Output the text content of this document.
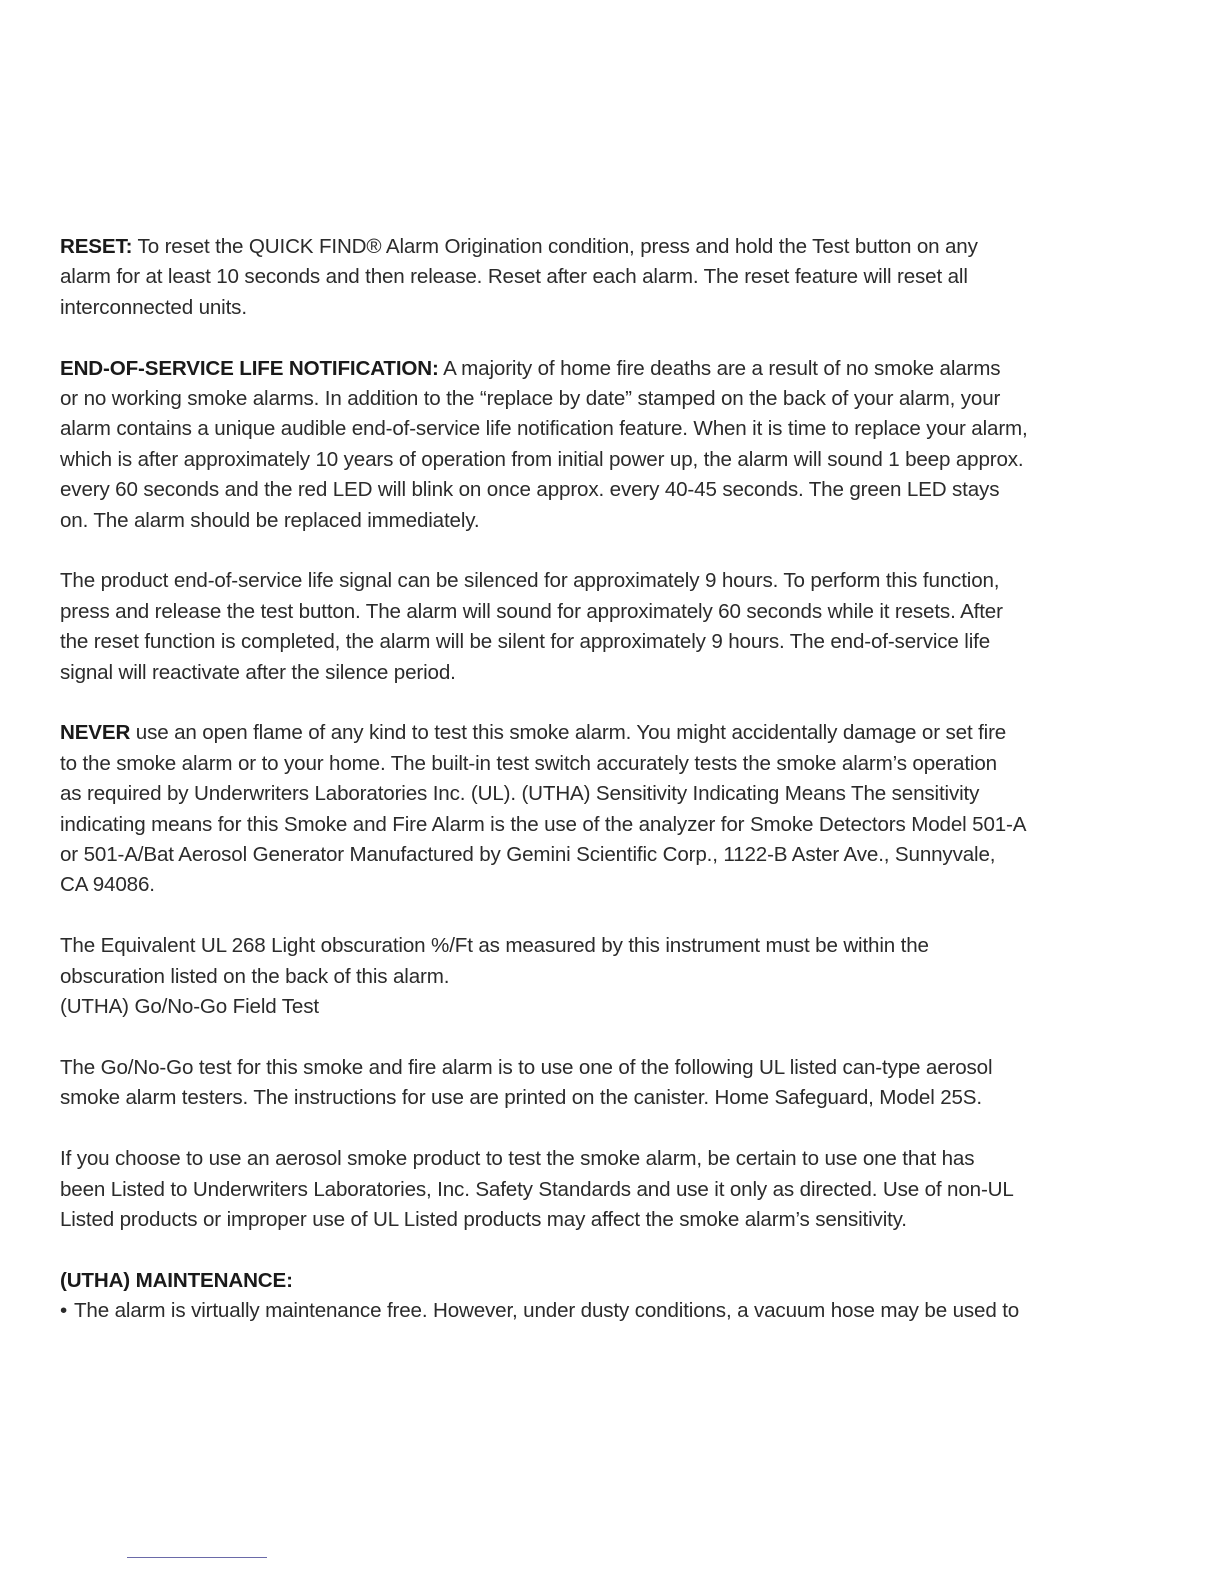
RESET: To reset the QUICK FIND® Alarm Origination condition, press and hold the Test button on any
alarm for at least 10 seconds and then release. Reset after each alarm. The reset feature will reset all
interconnected units.

END-OF-SERVICE LIFE NOTIFICATION: A majority of home fire deaths are a result of no smoke alarms
or no working smoke alarms. In addition to the “replace by date” stamped on the back of your alarm, your
alarm contains a unique audible end-of-service life notification feature. When it is time to replace your alarm,
which is after approximately 10 years of operation from initial power up, the alarm will sound 1 beep approx.
every 60 seconds and the red LED will blink on once approx. every 40-45 seconds. The green LED stays
on. The alarm should be replaced immediately.

The product end-of-service life signal can be silenced for approximately 9 hours. To perform this function,
press and release the test button. The alarm will sound for approximately 60 seconds while it resets. After
the reset function is completed, the alarm will be silent for approximately 9 hours. The end-of-service life
signal will reactivate after the silence period.

NEVER use an open flame of any kind to test this smoke alarm. You might accidentally damage or set fire
to the smoke alarm or to your home. The built-in test switch accurately tests the smoke alarm’s operation
as required by Underwriters Laboratories Inc. (UL). (UTHA) Sensitivity Indicating Means The sensitivity
indicating means for this Smoke and Fire Alarm is the use of the analyzer for Smoke Detectors Model 501-A
or 501-A/Bat Aerosol Generator Manufactured by Gemini Scientific Corp., 1122-B Aster Ave., Sunnyvale,
CA 94086.

The Equivalent UL 268 Light obscuration %/Ft as measured by this instrument must be within the
obscuration listed on the back of this alarm.
(UTHA) Go/No-Go Field Test

The Go/No-Go test for this smoke and fire alarm is to use one of the following UL listed can-type aerosol
smoke alarm testers. The instructions for use are printed on the canister. Home Safeguard, Model 25S.

If you choose to use an aerosol smoke product to test the smoke alarm, be certain to use one that has
been Listed to Underwriters Laboratories, Inc. Safety Standards and use it only as directed. Use of non-UL
Listed products or improper use of UL Listed products may affect the smoke alarm’s sensitivity.

(UTHA) MAINTENANCE:

• The alarm is virtually maintenance free. However, under dusty conditions, a vacuum hose may be used to
